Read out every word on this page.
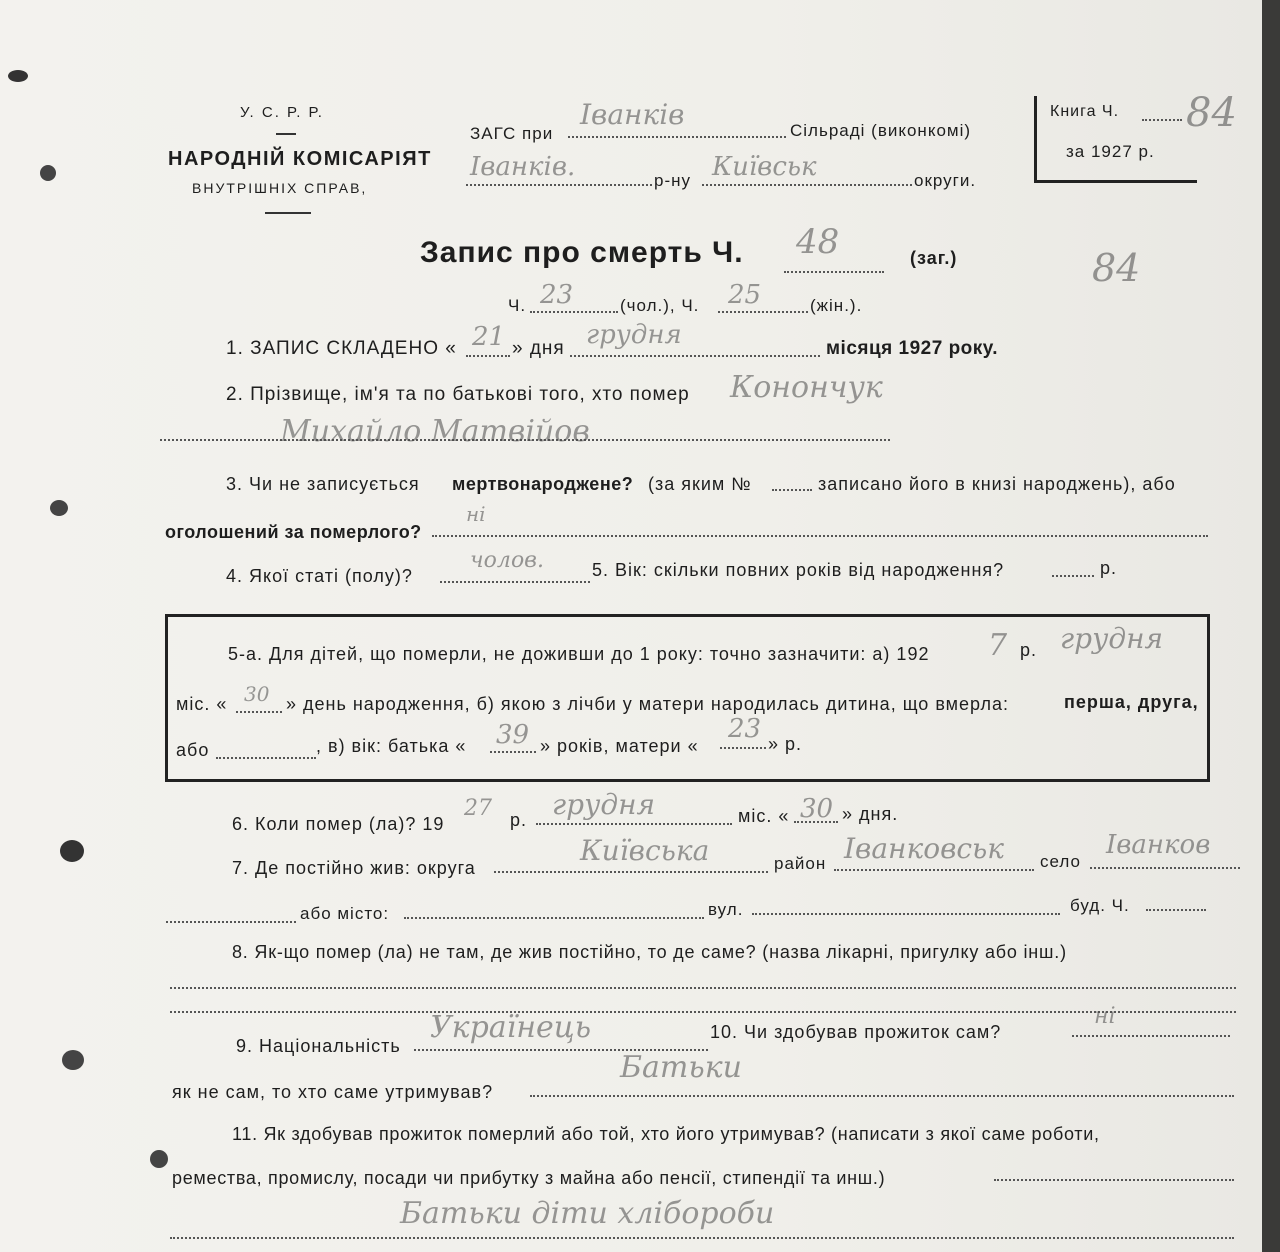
У. С. Р. Р.
НАРОДНІЙ КОМІСАРІЯТ
ВНУТРІШНІХ СПРАВ,
ЗАГС при
Іванків	Сільраді (виконкомі)
Іванків.	р-ну Київськ	округи.
Книга Ч.
за 1927 р.
84
Запис про смерть Ч. 48	(заг.)	84
Ч. 23	(чол.), Ч. 25	(жін.).
1. ЗАПИС СКЛАДЕНО « 21 » дня грудня	місяця 1927 року.
2. Прізвище, ім'я та по батькові того, хто помер Конончук
Михайло Матвійов
3. Чи не записується мертвонароджене? (за яким №	записано його в книзі народжень), або
оголошений за померлого?
ні
4. Якої статі (полу)?
чолов.	5. Вік: скільки повних років від народження?	р.
5-а. Для дітей, що померли, не доживши до 1 року: точно зазначити: а) 192 7 р. грудня
міс. « 30 » день народження, б) якою з лічби у матери народилась дитина, що вмерла:	перша, друга,
або	, в) вік: батька « 39 » років, матери «
23 » р.
6. Коли помер (ла)? 19
27 р. грудня	міс. « 30 » дня.
7. Де постійно жив: округа
Київська	район Іванковськ село
Іванков
або місто:	вул.	буд. Ч.
8. Як-що помер (ла) не там, де жив постійно, то де саме? (назва лікарні, пригулку або інш.)
9. Національність
Українець	10. Чи здобував прожиток сам?
ні
як не сам, то хто саме утримував?
Батьки
11. Як здобував прожиток померлий або той, хто його утримував? (написати з якої саме роботи,
ремества, промислу, посади чи прибутку з майна або пенсії, стипендії та инш.)
Батьки діти хлібороби
